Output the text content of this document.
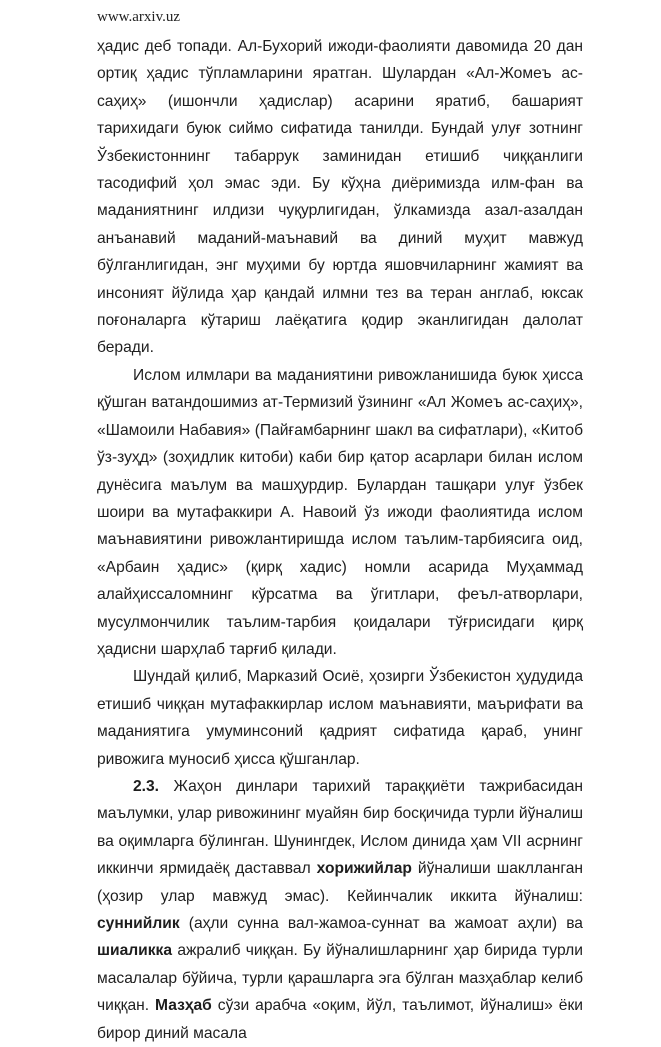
www.arxiv.uz

ҳадис деб топади. Ал-Бухорий ижоди-фаолияти давомида 20 дан ортиқ ҳадис тўпламларини яратган. Шулардан «Ал-Жомеъ ас-саҳиҳ» (ишончли ҳадислар) асарини яратиб, башарият тарихидаги буюк сиймо сифатида танилди. Бундай улуғ зотнинг Ўзбекистоннинг табаррук заминидан етишиб чиққанлиги тасодифий ҳол эмас эди. Бу кўҳна диёримизда илм-фан ва маданиятнинг илдизи чуқурлигидан, ўлкамизда азал-азалдан анъанавий маданий-маънавий ва диний муҳит мавжуд бўлганлигидан, энг муҳими бу юртда яшовчиларнинг жамият ва инсоният йўлида ҳар қандай илмни тез ва теран англаб, юксак поғоналарга кўтариш лаёқатига қодир эканлигидан далолат беради.

Ислом илмлари ва маданиятини ривожланишида буюк ҳисса қўшган ватандошимиз ат-Термизий ўзининг «Ал Жомеъ ас-саҳиҳ», «Шамоили Набавия» (Пайғамбарнинг шакл ва сифатлари), «Китоб ўз-зуҳд» (зоҳидлик китоби) каби бир қатор асарлари билан ислом дунёсига маълум ва машҳурдир. Булардан ташқари улуғ ўзбек шоири ва мутафаккири А. Навоий ўз ижоди фаолиятида ислом маънавиятини ривожлантиришда ислом таълим-тарбиясига оид, «Арбаин ҳадис» (қирқ хадис) номли асарида Муҳаммад алайҳиссаломнинг кўрсатма ва ўгитлари, феъл-атворлари, мусулмончилик таълим-тарбия қоидалари тўғрисидаги қирқ ҳадисни шарҳлаб тарғиб қилади.

Шундай қилиб, Марказий Осиё, ҳозирги Ўзбекистон ҳудудида етишиб чиққан мутафаккирлар ислом маънавияти, маърифати ва маданиятига умуминсоний қадрият сифатида қараб, унинг ривожига муносиб ҳисса қўшганлар.

2.3. Жаҳон динлари тарихий тараққиёти тажрибасидан маълумки, улар ривожининг муайян бир босқичида турли йўналиш ва оқимларга бўлинган. Шунингдек, Ислом динида ҳам VII асрнинг иккинчи ярмидаёқ даставвал хорижийлар йўналиши шаклланган (ҳозир улар мавжуд эмас). Кейинчалик иккита йўналиш: суннийлик (аҳли сунна вал-жамоа-суннат ва жамоат аҳли) ва шиаликка ажралиб чиққан. Бу йўналишларнинг ҳар бирида турли масалалар бўйича, турли қарашларга эга бўлган мазҳаблар келиб чиққан. Мазҳаб сўзи арабча «оқим, йўл, таълимот, йўналиш» ёки бирор диний масала
